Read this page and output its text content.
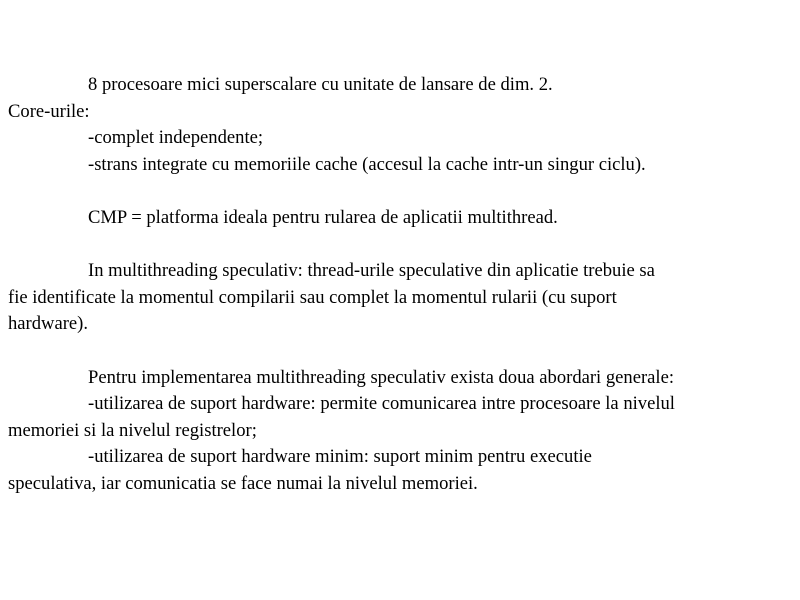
8 procesoare mici superscalare cu unitate de lansare de dim. 2.
Core-urile:
-complet independente;
-strans integrate cu memoriile cache (accesul la cache intr-un singur ciclu).
CMP = platforma ideala pentru rularea de aplicatii multithread.
In multithreading speculativ: thread-urile speculative din aplicatie trebuie sa
fie identificate la momentul compilarii sau complet la momentul rularii (cu suport
hardware).
Pentru implementarea multithreading speculativ exista doua abordari generale:
-utilizarea de suport hardware: permite comunicarea intre procesoare la nivelul
memoriei si la nivelul registrelor;
-utilizarea de suport hardware minim: suport minim pentru executie
speculativa, iar comunicatia se face numai la nivelul memoriei.
